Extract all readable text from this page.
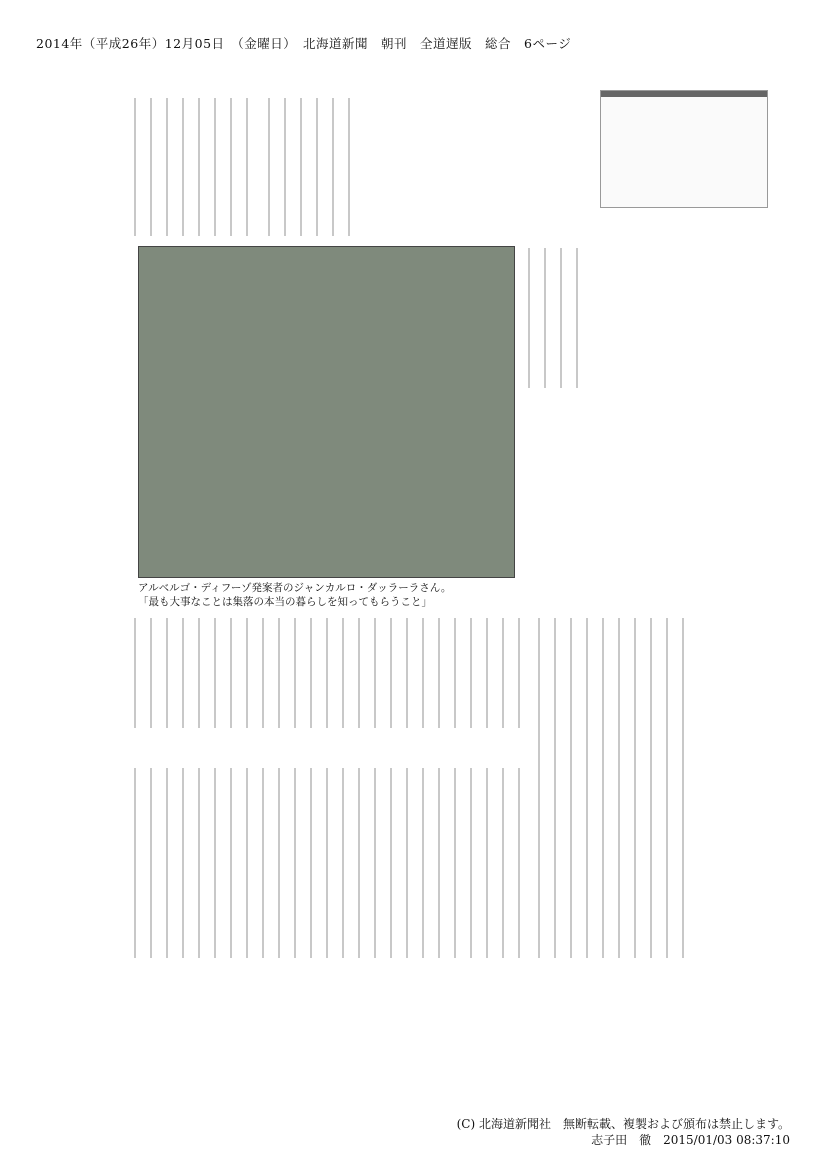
2014年（平成26年）12月05日　（金曜日）　北海道新聞　朝刊　全道遅版　総合　6ページ
アルベルゴ・ディフーゾ発案者のジャンカルロ・ダッラーラさん。
「最も大事なことは集落の本当の暮らしを知ってもらうこと」
(C) 北海道新聞社　無断転載、複製および頒布は禁止します。
志子田　徹　2015/01/03 08:37:10
